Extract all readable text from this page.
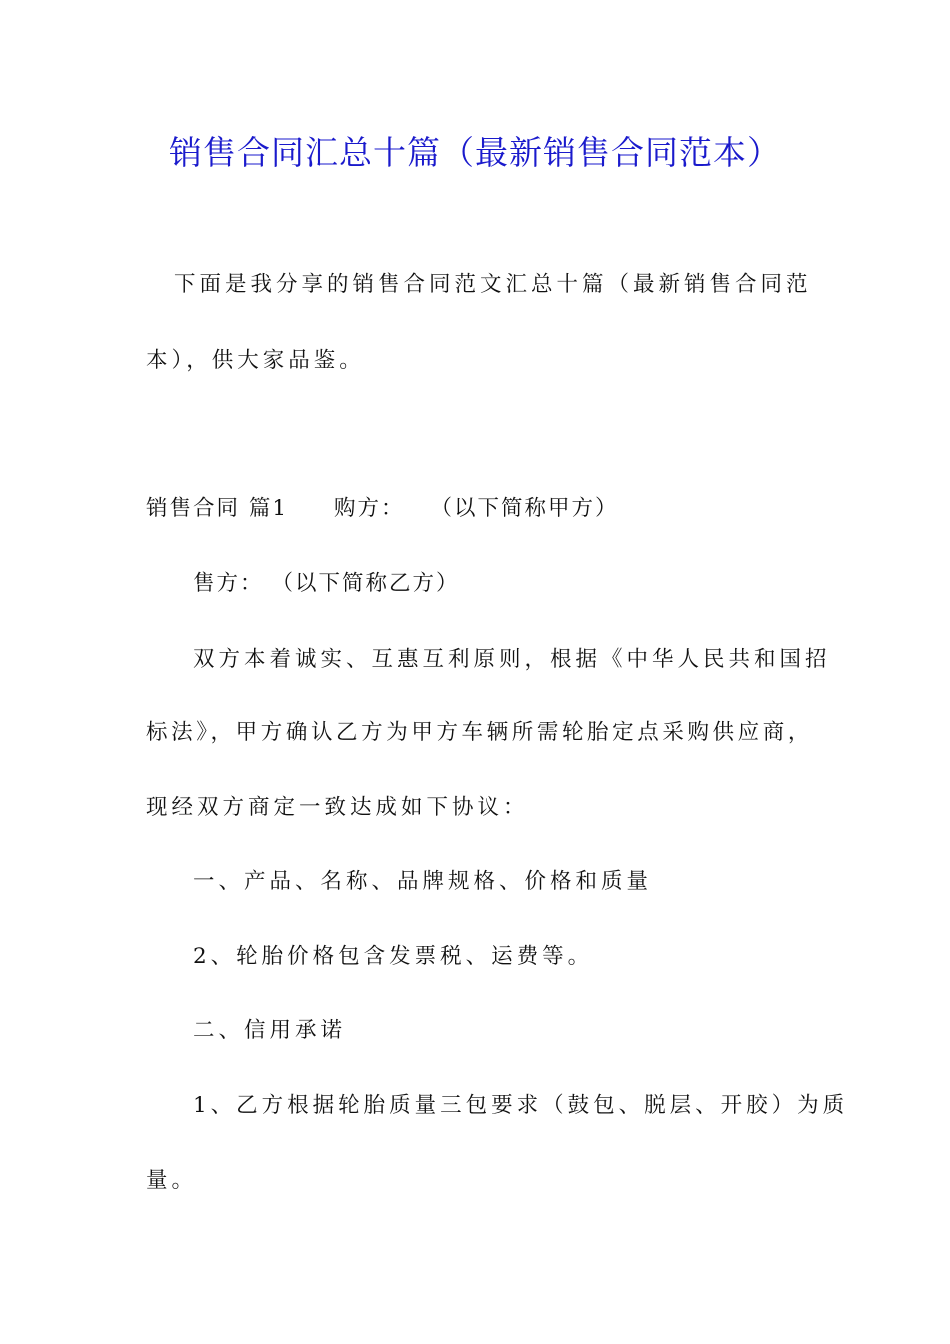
销售合同汇总十篇（最新销售合同范本）
下面是我分享的销售合同范文汇总十篇（最新销售合同范
本），供大家品鉴。
销售合同 篇1 购方： （以下简称甲方）
售方： （以下简称乙方）
双方本着诚实、互惠互利原则，根据《中华人民共和国招
标法》，甲方确认乙方为甲方车辆所需轮胎定点采购供应商，
现经双方商定一致达成如下协议：
一、产品、名称、品牌规格、价格和质量
2、轮胎价格包含发票税、运费等。
二、信用承诺
1、乙方根据轮胎质量三包要求（鼓包、脱层、开胶）为质
量。
